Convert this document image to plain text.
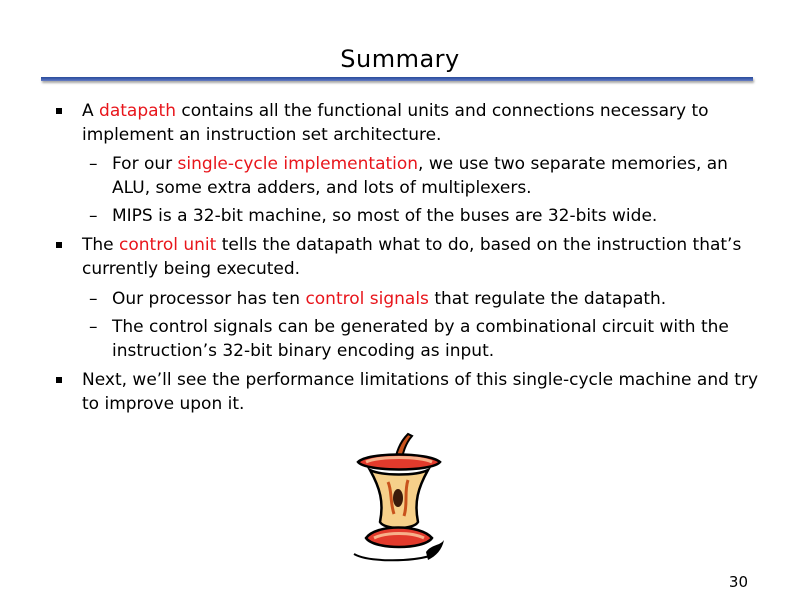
Summary
A datapath contains all the functional units and connections necessary to implement an instruction set architecture.
– For our single-cycle implementation, we use two separate memories, an ALU, some extra adders, and lots of multiplexers.
– MIPS is a 32-bit machine, so most of the buses are 32-bits wide.
The control unit tells the datapath what to do, based on the instruction that’s currently being executed.
– Our processor has ten control signals that regulate the datapath.
– The control signals can be generated by a combinational circuit with the instruction’s 32-bit binary encoding as input.
Next, we’ll see the performance limitations of this single-cycle machine and try to improve upon it.
30
